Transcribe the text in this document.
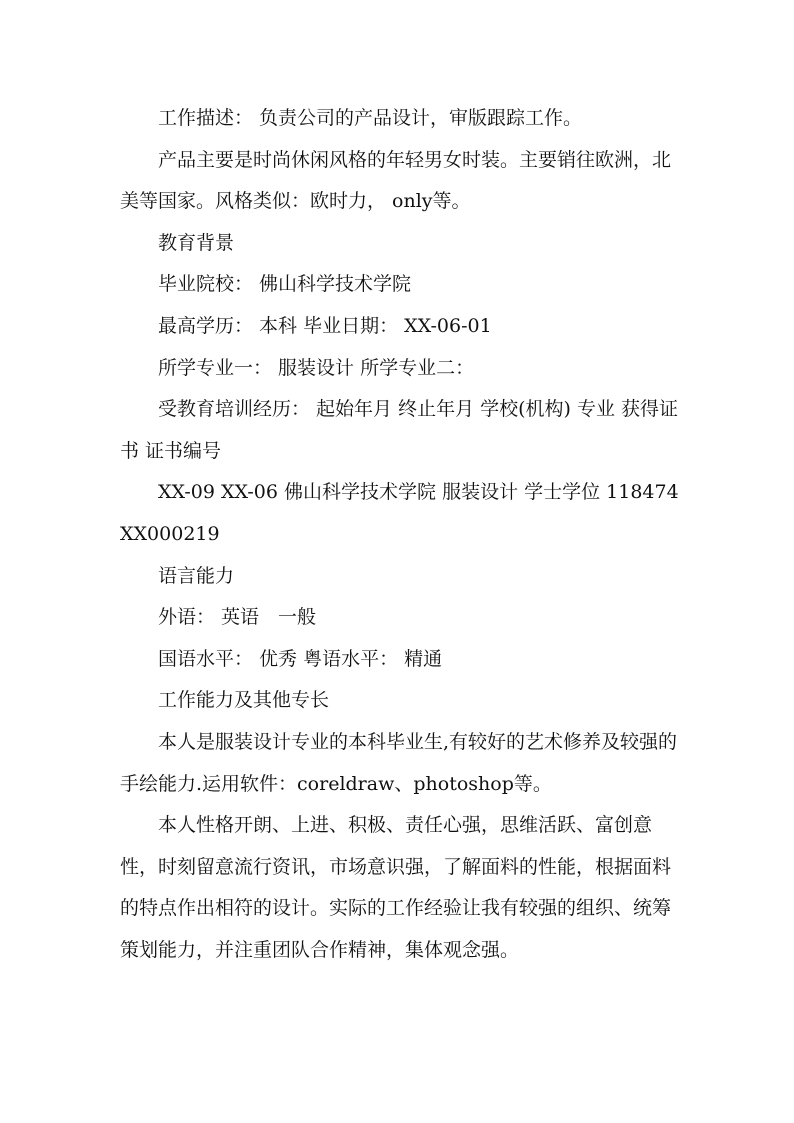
工作描述： 负责公司的产品设计，审版跟踪工作。

产品主要是时尚休闲风格的年轻男女时装。主要销往欧洲，北美等国家。风格类似：欧时力， only等。

教育背景

毕业院校： 佛山科学技术学院

最高学历： 本科 毕业日期： XX-06-01

所学专业一： 服装设计 所学专业二：

受教育培训经历： 起始年月 终止年月 学校(机构) 专业 获得证书 证书编号

XX-09 XX-06 佛山科学技术学院 服装设计 学士学位 118474XX000219

语言能力

外语： 英语　一般

国语水平： 优秀 粤语水平： 精通

工作能力及其他专长

本人是服装设计专业的本科毕业生,有较好的艺术修养及较强的手绘能力.运用软件：coreldraw、photoshop等。

本人性格开朗、上进、积极、责任心强，思维活跃、富创意性，时刻留意流行资讯，市场意识强，了解面料的性能，根据面料的特点作出相符的设计。实际的工作经验让我有较强的组织、统筹策划能力，并注重团队合作精神，集体观念强。
